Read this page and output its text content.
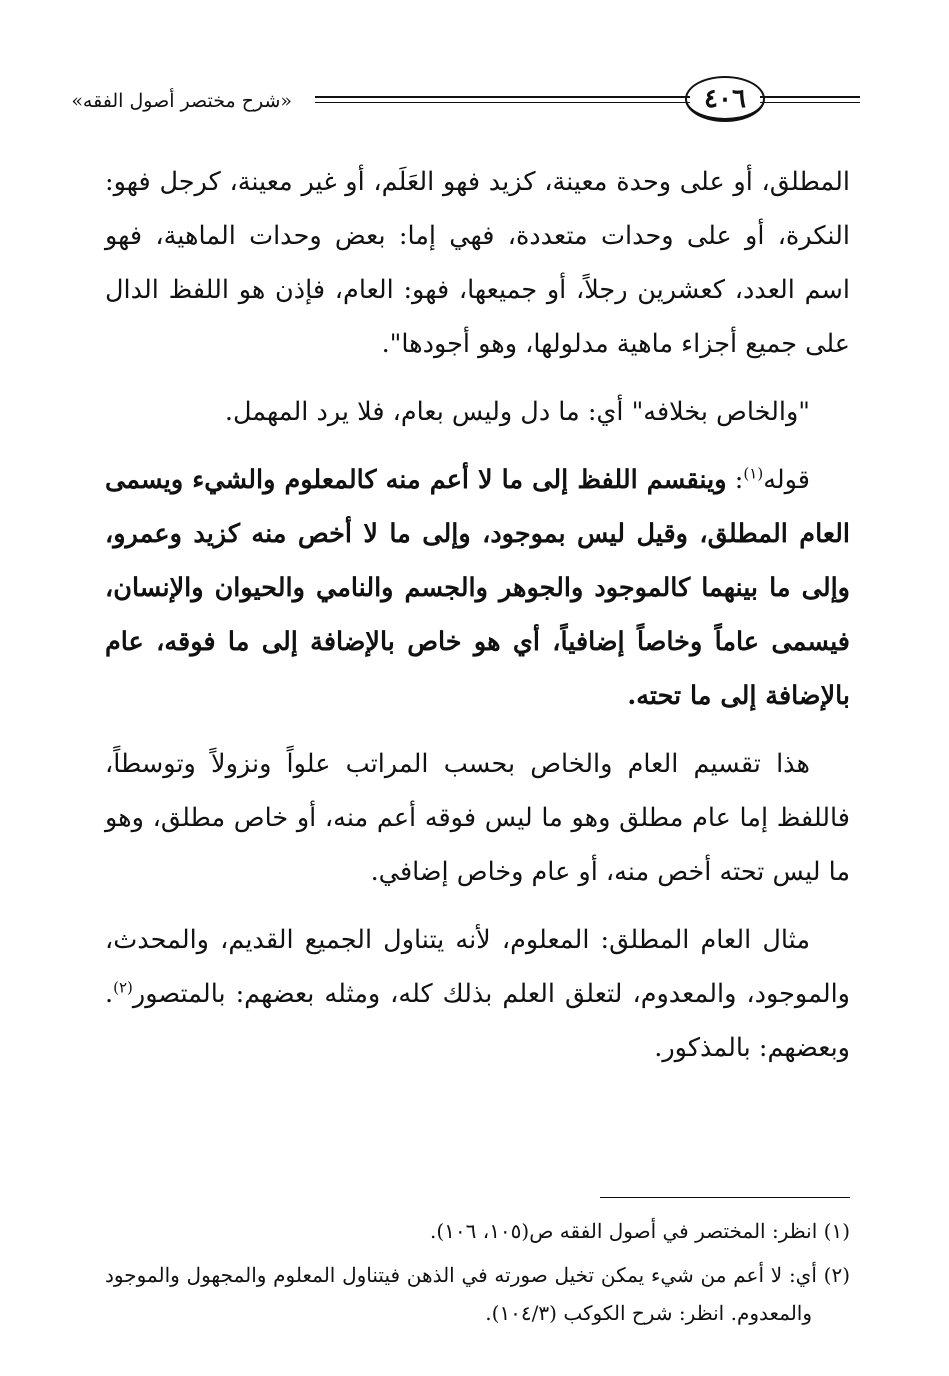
«شرح مختصر أصول الفقه»	٤٠٦

المطلق، أو على وحدة معينة، كزيد فهو العَلَم، أو غير معينة، كرجل فهو: النكرة، أو على وحدات متعددة، فهي إما: بعض وحدات الماهية، فهو اسم العدد، كعشرين رجلاً، أو جميعها، فهو: العام، فإذن هو اللفظ الدال على جميع أجزاء ماهية مدلولها، وهو أجودها".

"والخاص بخلافه" أي: ما دل وليس بعام، فلا يرد المهمل.

قوله$^{(١)}$: وينقسم اللفظ إلى ما لا أعم منه كالمعلوم والشيء ويسمى العام المطلق، وقيل ليس بموجود، وإلى ما لا أخص منه كزيد وعمرو، وإلى ما بينهما كالموجود والجوهر والجسم والنامي والحيوان والإنسان، فيسمى عاماً وخاصاً إضافياً، أي هو خاص بالإضافة إلى ما فوقه، عام بالإضافة إلى ما تحته.

هذا تقسيم العام والخاص بحسب المراتب علواً ونزولاً وتوسطاً، فاللفظ إما عام مطلق وهو ما ليس فوقه أعم منه، أو خاص مطلق، وهو ما ليس تحته أخص منه، أو عام وخاص إضافي.

مثال العام المطلق: المعلوم، لأنه يتناول الجميع القديم، والمحدث، والموجود، والمعدوم، لتعلق العلم بذلك كله، ومثله بعضهم: بالمتصور$^{(٢)}$. وبعضهم: بالمذكور.

(١) انظر: المختصر في أصول الفقه ص(١٠٥، ١٠٦).

(٢) أي: لا أعم من شيء يمكن تخيل صورته في الذهن فيتناول المعلوم والمجهول والموجود والمعدوم. انظر: شرح الكوكب (١٠٤/٣).
